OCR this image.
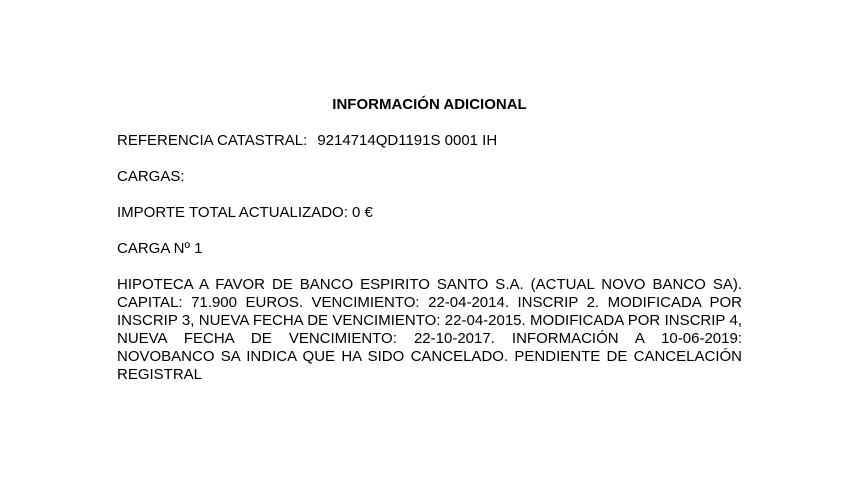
INFORMACIÓN ADICIONAL
REFERENCIA CATASTRAL: 9214714QD1191S 0001 IH
CARGAS:
IMPORTE TOTAL ACTUALIZADO: 0 €
CARGA Nº 1
HIPOTECA A FAVOR DE BANCO ESPIRITO SANTO S.A. (ACTUAL NOVO BANCO SA). CAPITAL: 71.900 EUROS. VENCIMIENTO: 22-04-2014. INSCRIP 2. MODIFICADA POR INSCRIP 3, NUEVA FECHA DE VENCIMIENTO: 22-04-2015. MODIFICADA POR INSCRIP 4, NUEVA FECHA DE VENCIMIENTO: 22-10-2017. INFORMACIÓN A 10-06-2019: NOVOBANCO SA INDICA QUE HA SIDO CANCELADO. PENDIENTE DE CANCELACIÓN REGISTRAL
